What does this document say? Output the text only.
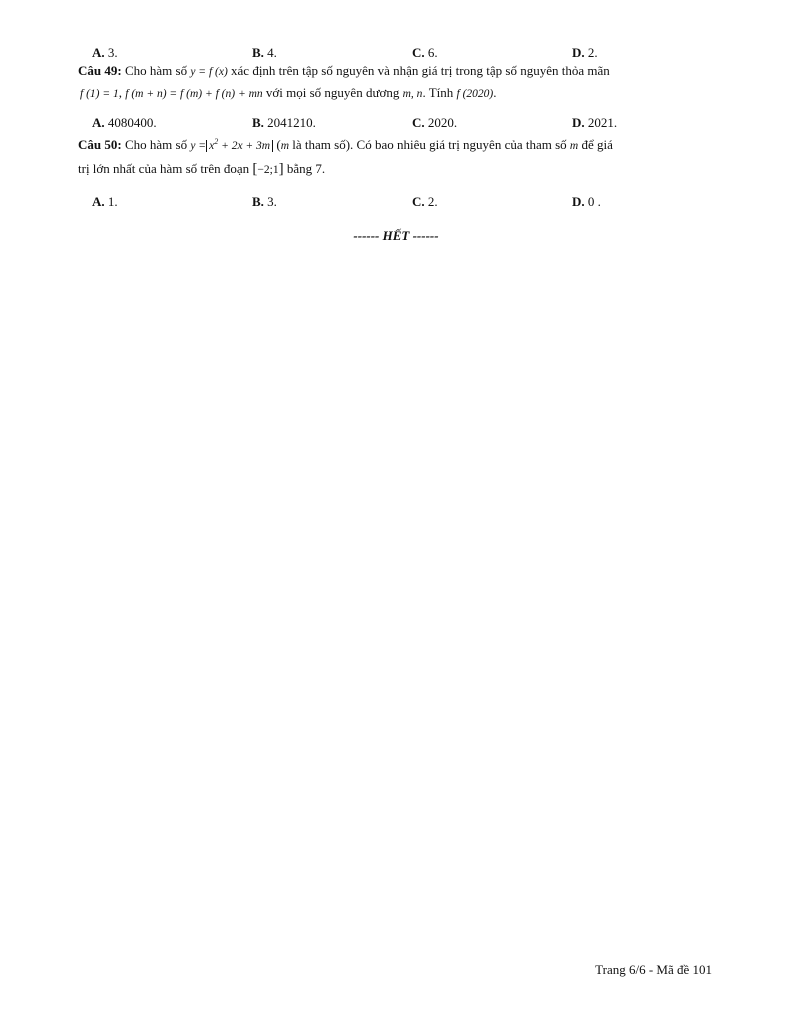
A. 3.	B. 4.	C. 6.	D. 2.
Câu 49: Cho hàm số y = f (x) xác định trên tập số nguyên và nhận giá trị trong tập số nguyên thỏa mãn
f (1) = 1, f (m + n) = f (m) + f (n) + mn với mọi số nguyên dương m, n. Tính f (2020).
A. 4080400.	B. 2041210.	C. 2020.	D. 2021.
Câu 50: Cho hàm số $y = x^2 + 2x + 3m$ (m là tham số). Có bao nhiêu giá trị nguyên của tham số m để giá
trị lớn nhất của hàm số trên đoạn [−2;1] bằng 7.
A. 1.	B. 3.	C. 2.	D. 0 .
------ HẾT ------
Trang 6/6 - Mã đề 101
